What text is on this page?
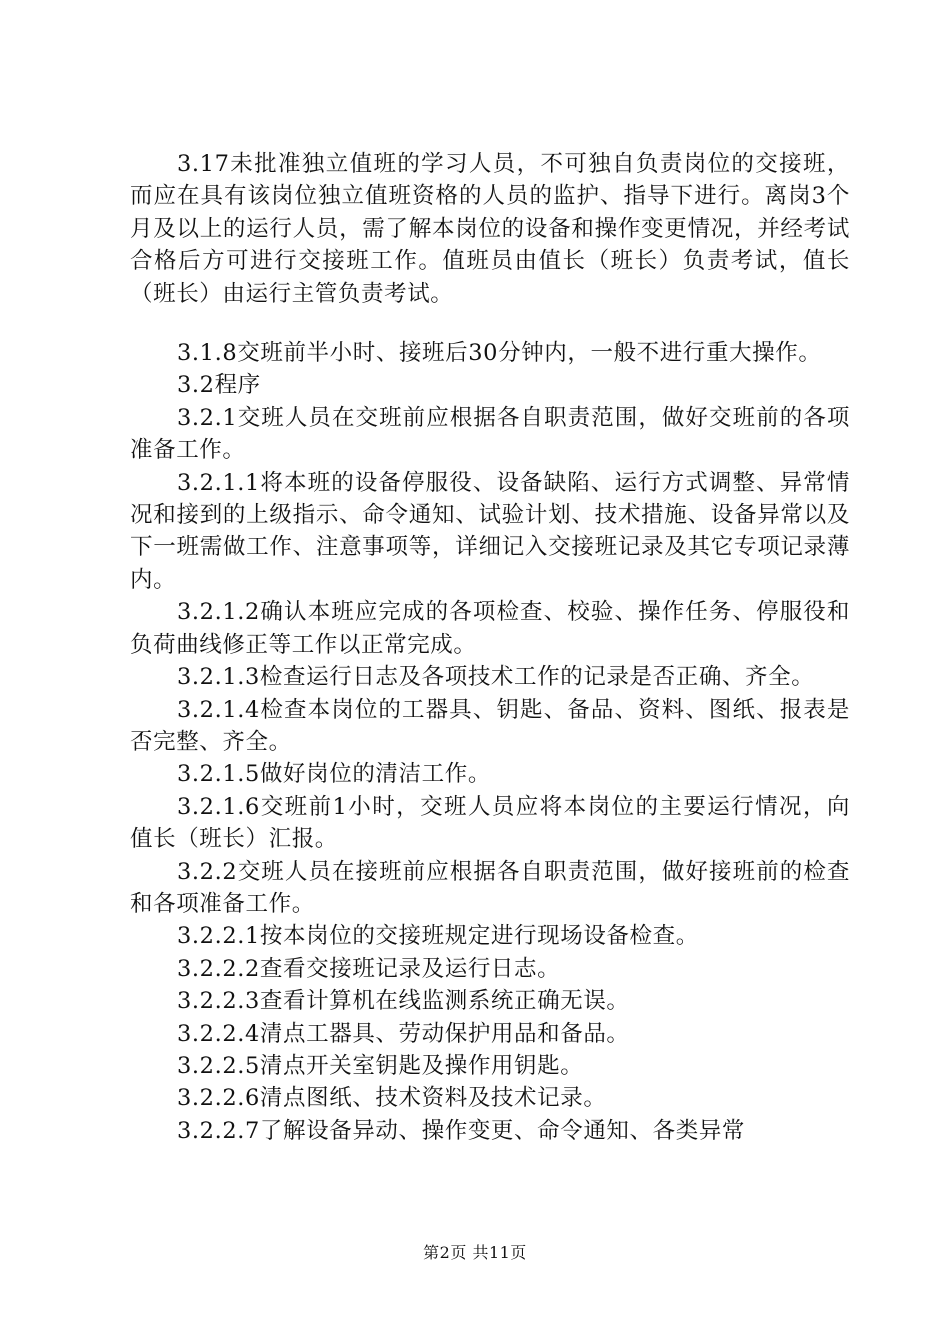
3.17未批准独立值班的学习人员，不可独自负责岗位的交接班，而应在具有该岗位独立值班资格的人员的监护、指导下进行。离岗3个月及以上的运行人员，需了解本岗位的设备和操作变更情况，并经考试合格后方可进行交接班工作。值班员由值长（班长）负责考试，值长（班长）由运行主管负责考试。

3.1.8交班前半小时、接班后30分钟内，一般不进行重大操作。

3.2程序

3.2.1交班人员在交班前应根据各自职责范围，做好交班前的各项准备工作。

3.2.1.1将本班的设备停服役、设备缺陷、运行方式调整、异常情况和接到的上级指示、命令通知、试验计划、技术措施、设备异常以及下一班需做工作、注意事项等，详细记入交接班记录及其它专项记录薄内。

3.2.1.2确认本班应完成的各项检查、校验、操作任务、停服役和负荷曲线修正等工作以正常完成。

3.2.1.3检查运行日志及各项技术工作的记录是否正确、齐全。

3.2.1.4检查本岗位的工器具、钥匙、备品、资料、图纸、报表是否完整、齐全。

3.2.1.5做好岗位的清洁工作。

3.2.1.6交班前1小时，交班人员应将本岗位的主要运行情况，向值长（班长）汇报。

3.2.2交班人员在接班前应根据各自职责范围，做好接班前的检查和各项准备工作。

3.2.2.1按本岗位的交接班规定进行现场设备检查。

3.2.2.2查看交接班记录及运行日志。

3.2.2.3查看计算机在线监测系统正确无误。

3.2.2.4清点工器具、劳动保护用品和备品。

3.2.2.5清点开关室钥匙及操作用钥匙。

3.2.2.6清点图纸、技术资料及技术记录。

3.2.2.7了解设备异动、操作变更、命令通知、各类异常

第2页 共11页
